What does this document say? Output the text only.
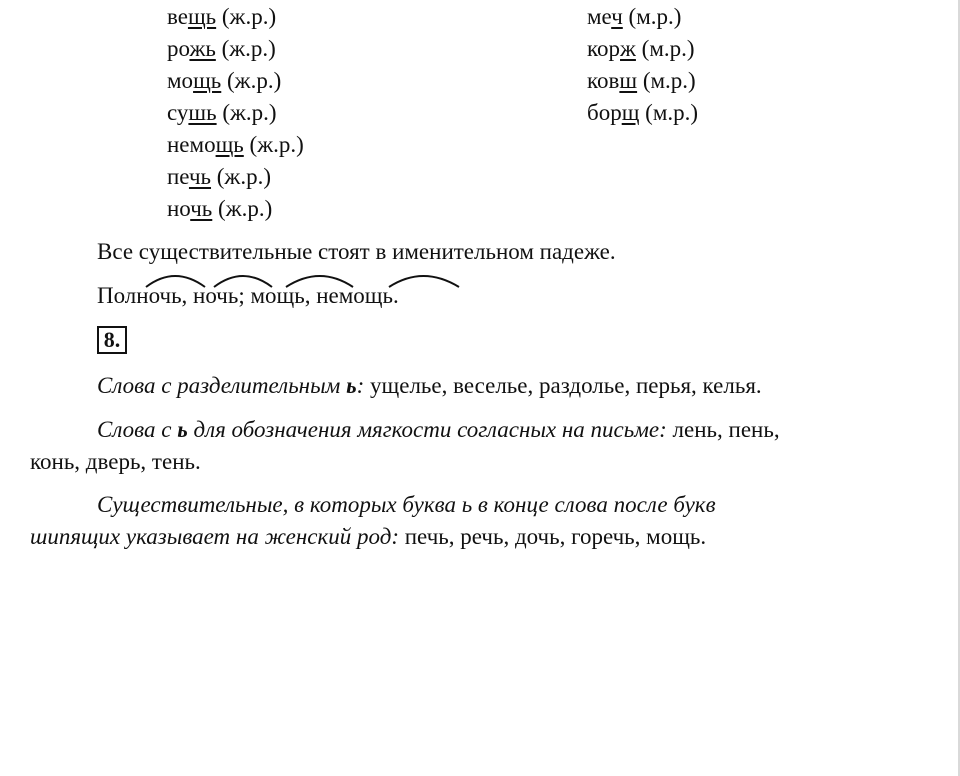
вещь (ж.р.)
рожь (ж.р.)
мощь (ж.р.)
сушь (ж.р.)
немощь (ж.р.)
печь (ж.р.)
ночь (ж.р.)
меч (м.р.)
корж (м.р.)
ковш (м.р.)
борщ (м.р.)
Все существительные стоят в именительном падеже.
Полночь, ночь; мощь, немощь.
8.
Слова с разделительным ь: ущелье, веселье, раздолье, перья, келья.
Слова с ь для обозначения мягкости согласных на письме: лень, пень,
конь, дверь, тень.
Существительные, в которых буква ь в конце слова после букв
шипящих указывает на женский род: печь, речь, дочь, горечь, мощь.
